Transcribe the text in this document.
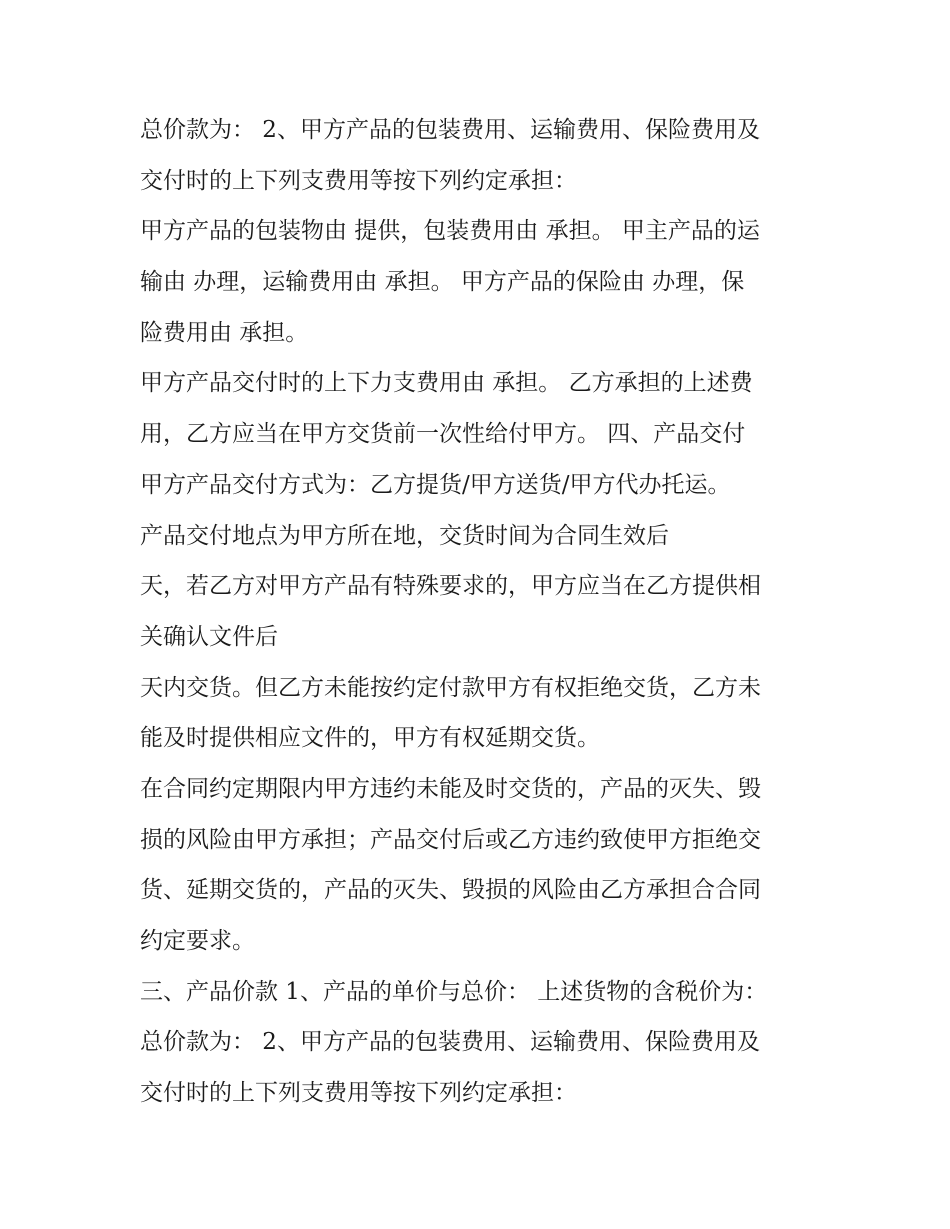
总价款为： 2、甲方产品的包装费用、运输费用、保险费用及
交付时的上下列支费用等按下列约定承担：
甲方产品的包装物由 提供，包装费用由 承担。 甲主产品的运
输由 办理，运输费用由 承担。 甲方产品的保险由 办理，保
险费用由 承担。
甲方产品交付时的上下力支费用由 承担。 乙方承担的上述费
用，乙方应当在甲方交货前一次性给付甲方。 四、产品交付
甲方产品交付方式为：乙方提货/甲方送货/甲方代办托运。
产品交付地点为甲方所在地，交货时间为合同生效后
天，若乙方对甲方产品有特殊要求的，甲方应当在乙方提供相
关确认文件后
天内交货。但乙方未能按约定付款甲方有权拒绝交货，乙方未
能及时提供相应文件的，甲方有权延期交货。
在合同约定期限内甲方违约未能及时交货的，产品的灭失、毁
损的风险由甲方承担；产品交付后或乙方违约致使甲方拒绝交
货、延期交货的，产品的灭失、毁损的风险由乙方承担合合同
约定要求。
三、产品价款 1、产品的单价与总价： 上述货物的含税价为：
总价款为： 2、甲方产品的包装费用、运输费用、保险费用及
交付时的上下列支费用等按下列约定承担：
